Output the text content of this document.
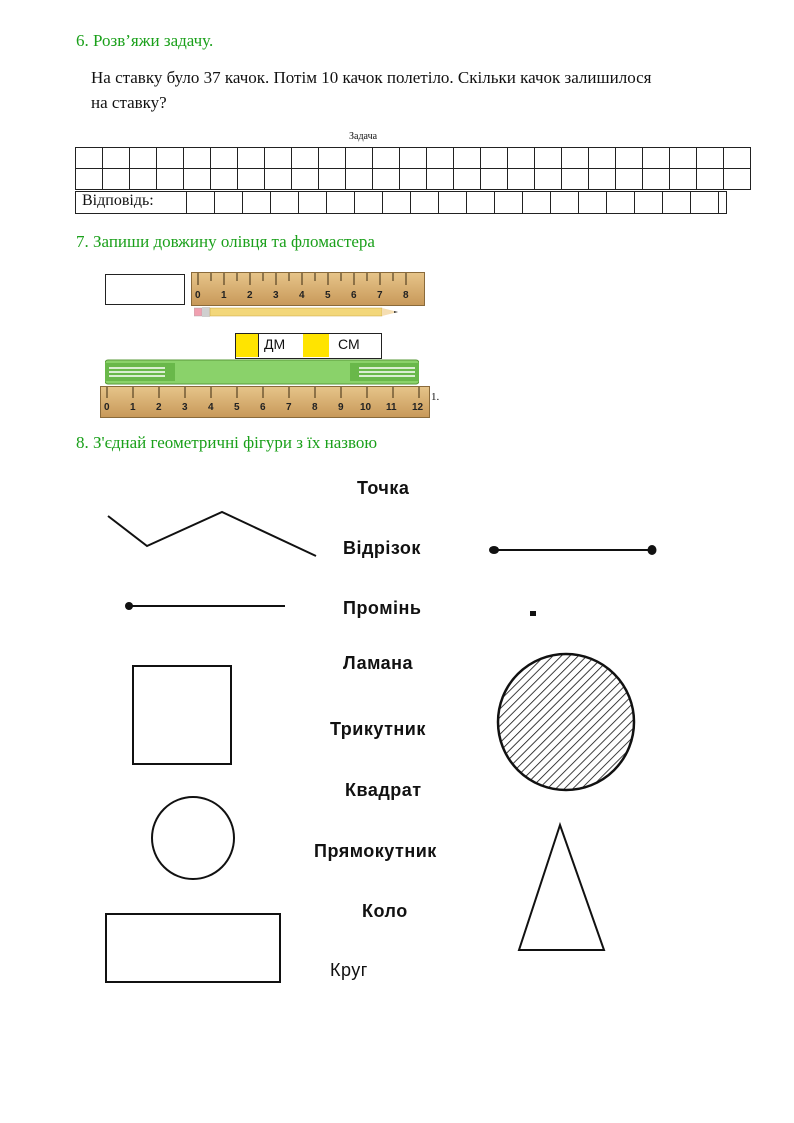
6. Розв’яжи задачу.
На ставку було 37 качок. Потім 10 качок полетіло. Скільки качок залишилося
на ставку?
Задача

Відповідь:
7. Запиши довжину олівця та фломастера
0 1 2 3 4 5 6 7 8
ДМ	СМ
0 1 2 3 4 5 6 7 8 9 10 11 12
1.
8. З'єднай геометричні фігури з їх назвою
Точка
Відрізок
Промінь
Ламана
Трикутник
Квадрат
Прямокутник
Коло
Круг
